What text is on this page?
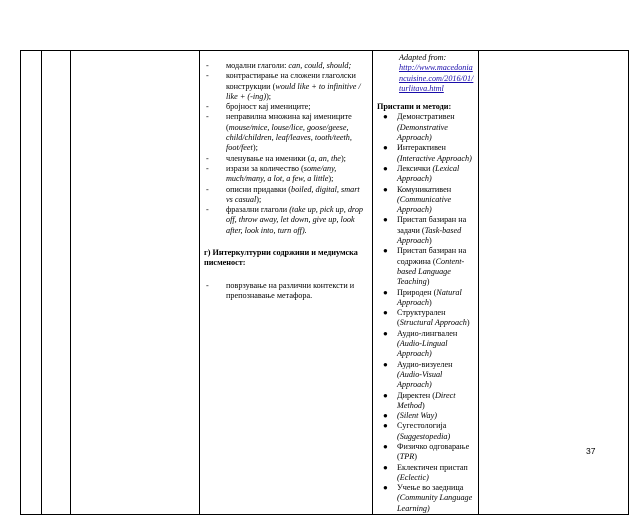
- модални глаголи: can, could, should;
- контрастирање на сложени глаголски конструкции (would like + to infinitive / like + (-ing));
- бројност кај имениците;
- неправилна множина кај имениците (mouse/mice, louse/lice, goose/geese, child/children, leaf/leaves, tooth/teeth, foot/feet);
- членување на именики (a, an, the);
- изрази за количество (some/any, much/many, a lot, a few, a little);
- описни придавки (boiled, digital, smart vs casual);
- фразални глаголи (take up, pick up, drop off, throw away, let down, give up, look after, look into, turn off).
г) Интеркултурни содржини и медиумска писменост:
- поврзување на различни контексти и препознавање метафора.

Adapted from:
http://www.macedoniancuisine.com/2016/01/turlitava.html
Пристапи и методи:
● Демонстративен (Demonstrative Approach)
● Интерактивен (Interactive Approach)
● Лексички (Lexical Approach)
● Комуникативен (Communicative Approach)
● Пристап базиран на задачи (Task-based Approach)
● Пристап базиран на содржина (Content-based Language Teaching)
● Природен (Natural Approach)
● Структурален (Structural Approach)
● Аудио-лингвален (Audio-Lingual Approach)
● Аудио-визуелен (Audio-Visual Approach)
● Директен (Direct Method)
● (Silent Way)
● Сугестологија (Suggestopedia)
● Физичко одговарање (TPR)
● Еклектичен пристап (Eclectic)
● Учење во заедница (Community Language Learning)

37
